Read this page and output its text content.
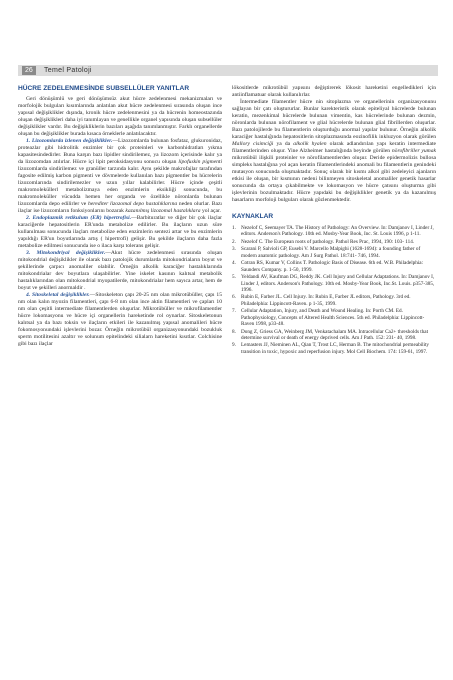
26	Temel Patoloji
HÜCRE ZEDELENMESİNDE SUBSELLÜLER YANITLAR

Geri dönüşümlü ve geri dönüşümsüz akut hücre zedelenmesi mekanizmaları ve morfolojik bulguları kısımlarında anlatılan akut hücre zedelenmesi sırasında oluşan ince yapısal değişiklikler dışında, kronik hücre zedelenmesini ya da hücrenin homeostazında oluşan değişiklikleri daha iyi tanımlayan ve genellikle organel yapısında oluşan subsellüler değişiklikler vardır. Bu değişikliklerin bazıları aşağıda tanımlanmıştır. Farklı organellerde oluşan bu değişiklikler burada kısaca örneklerle anlatılacaktır.

1. Lizozomlarda izlenen değişiklikler.—Lizozomlarda bulunan fosfataz, glukuronidaz, proteazlar gibi hidrolitik enzimler bir çok proteinleri ve karbonhidratları yıkma kapasitesindedirler. Buna karşın bazı lipidler sindirilemez, ya lizozom içerisinde kalır ya da lizozomdan atılırlar. Hücre içi lipit peroksidasyonu sonucu oluşan lipofuskin pigmenti lizozomlarda sindirilemez ve granüller tarzında kalır. Aynı şekilde makrofajlar tarafından fagosite edilmiş karbon pigmenti ve dövmelerde kullanılan bazı pigmentler bu hücrelerin lizozomlarında sindirilemezler ve uzun yıllar kalabilirler. Hücre içinde çeşitli makromoleküllerl metabolizmaya eden enzimlerin eksikliği sonucunda, bu makromoleküller vücudda hemen her organda ve özellikle nöronlarda bulunan lizozomlarda depo edilirler ve herediter lizozomal depo hastalıklarına neden olurlar. Bazı ilaçlar ise lizozomların fonksiyonlarını bozarak kazanılmış lizozomal hastalıklara yol açar.

2. Endoplazmik retikulum (ER) hipertrofisi.—Barbituratlar ve diğer bir çok ilaçlar karaciğerde hepatositlerin ER'unda metabolize edilirler. Bu ilaçların uzun süre kullanılması sonucunda ilaçları metabolize eden enzimlerin sentezi artar ve bu enzimlerin yapıldığı ER'un boyutlarında artış ( hipertrofi) gelişir. Bu şekilde ilaçların daha fazla metabolize edilmesi sonucunda ise o ilaca karşı tolerans gelişir.

3. Mitokondriyal değişiklikler.—Akut hücre zedelenmesi sırasında oluşan mitokondrial değişiklikler ile olarak bazı patolojik durumlarda mitokondriaların boyut ve şekillerinde çarpıcı anomaliler olabilir. Örneğin alkolik karaciğer hastalıklarında mitokondrialar dev boyutlara ulaşabilirler. Yine iskelet kasının kalıtsal metabolik hastalıklarından olan mitokondrial myopatilerde, mitokondrialar hem sayıca artar, hem de boyut ve şekilleri anormaldir .

4. Sitoskeletal değişiklikler.—Sitoskeleton çapı 20-25 nm olan mikrotübüller, çapı 15 nm olan kalın myozin filamentleri, çapı 6-8 nm olan ince aktin filamentleri ve çapları 10 nm olan çeşitli intermediate filamentlerden oluşurlar. Mikrotübüller ve mikrofilamentler hücre lokomasyonu ve hücre içi organellerin hareketinde rol oynarlar. Sitoskeletonun kalıtsal ya da bazı toksin ve ilaçların etkileri ile kazanılmış yapısal anomalileri hücre fokomosyonundaki işlevlerini bozar. Örneğin mikrotübül organizasyonundaki bozukluk sperm motilitesini azaltır ve solunum epitelindeki silialarn hareketini kısıtlar. Colchisine gibi bazı ilaçlar

lökositlerde mikrotübül yapısını değiştirerek lökosit hareketini engelledikleri için antiinflamatuar olarak kullanılırlar.

İntermediate filamentler hücre nin sitoplazma ve organellerinin organizasyonunu sağlayan bir çatı oluştururlar. Bunlar karekteristik olarak epiteliyal hücrelerde bulunan keratin, mezenkimal hücrelerde bulunan vimentin, kas hücrelerinde bulunan dezmin, nöronlarda bulunan nörofilament ve glial hücrelerde bulunan glial fibrillerden oluşurlar. Bazı patolojilerde bu filamentlerin oluşturduğu anormal yapılar bulunur. Örneğin alkolik karaciğer hastalığında hepatositlerin sitoplazmasında eozinofilik inkluzyon olarak görülen Mallory cisimciği ya da alkolik hyalen olarak adlandırılan yapı keratin intermediate filamentlerinden oluşur. Yine Alzheimer hastalığında beyinde görülen nörofibriller yumak mikrotübül ilişkili proteinler ve nörofilamentlerden oluşur. Deride epidermolizis bullosa simpleks hastalığına yol açan keratin filamentlerindeki anomali bu filamentlerin genindeki mutasyon sonucunda oluşmaktadır. Sonuç olarak bir kısmı alkol gibi zedeleyici ajanların etkisi ile oluşan, bir kısmının nedeni bilinmeyen sitoskeletal anomaliler genetik hasarlar sonucunda da ortaya çıkabilmekte ve lokomasyon ve hücre çatısını oluşturma gibi işlevlerinin bozulmaktadır. Hücre yapıdaki bu değişiklikler genetik ya da kazanılmış hasarların morfoloji bulguları olarak gözlenmektedir.

KAYNAKLAR
1. Nezelof C, Seemayer TA. The History of Pathology: An Overview. In: Damjanov I, Linder J, editors. Anderson's Pathology. 10th ed. Mosby-Year Book, Inc. St. Louis 1996, p 1-11.
2. Nezelof C. The European roots of pathology. Pathol Res Prac, 1994, 190: 103- 114.
3. Scarani P, Salvioli GP, Eusebi V. Marcello Malpighi (1628-1694): a founding father of modern anatomic pathology. Am J Surg Pathol. 18:741- 746, 1994.
4. Cotran RS, Kumar V, Collins T. Pathologic Basis of Disease. 6th ed. W.B. Philadelphia: Saunders Company. p. 1-50, 1999.
5. Yeldandi AV, Kaufman DG, Reddy JK. Cell Injury and Cellular Adaptations. In: Damjanov I, Linder J, editors. Anderson's Pathology. 10th ed. Mosby-Year Book, Inc.St. Louis. p357-385, 1996.
6. Rubin E, Farber JL. Cell Injury. In: Rubin E, Farber JL editors, Pathology. 3rd ed. Philadelphia: Lippincott-Raven. p 1-35, 1999.
7. Cellular Adaptation, Injury, and Death and Wound Healing. In: Porth CM. Ed. Pathophysiology, Concepts of Altered Health Sciences. 5th ed. Philadelphia: Lippincott-Raven 1998, p33-48.
8. Dong Z, Griess GA, Weinberg JM, Venkatachalam MA. Intracellular Ca2+ thresholds that determine survival or death of energy deprived cells. Am J Path. 152: 231- 40, 1998.
9. Lemasters JJ, Nieminen AL, Qian T, Trost LC, Herman B. The mitochondrial permeability transition in toxic, hypoxic and reperfusion injury. Mol Cell Biochem. 174: 159-61, 1997.
